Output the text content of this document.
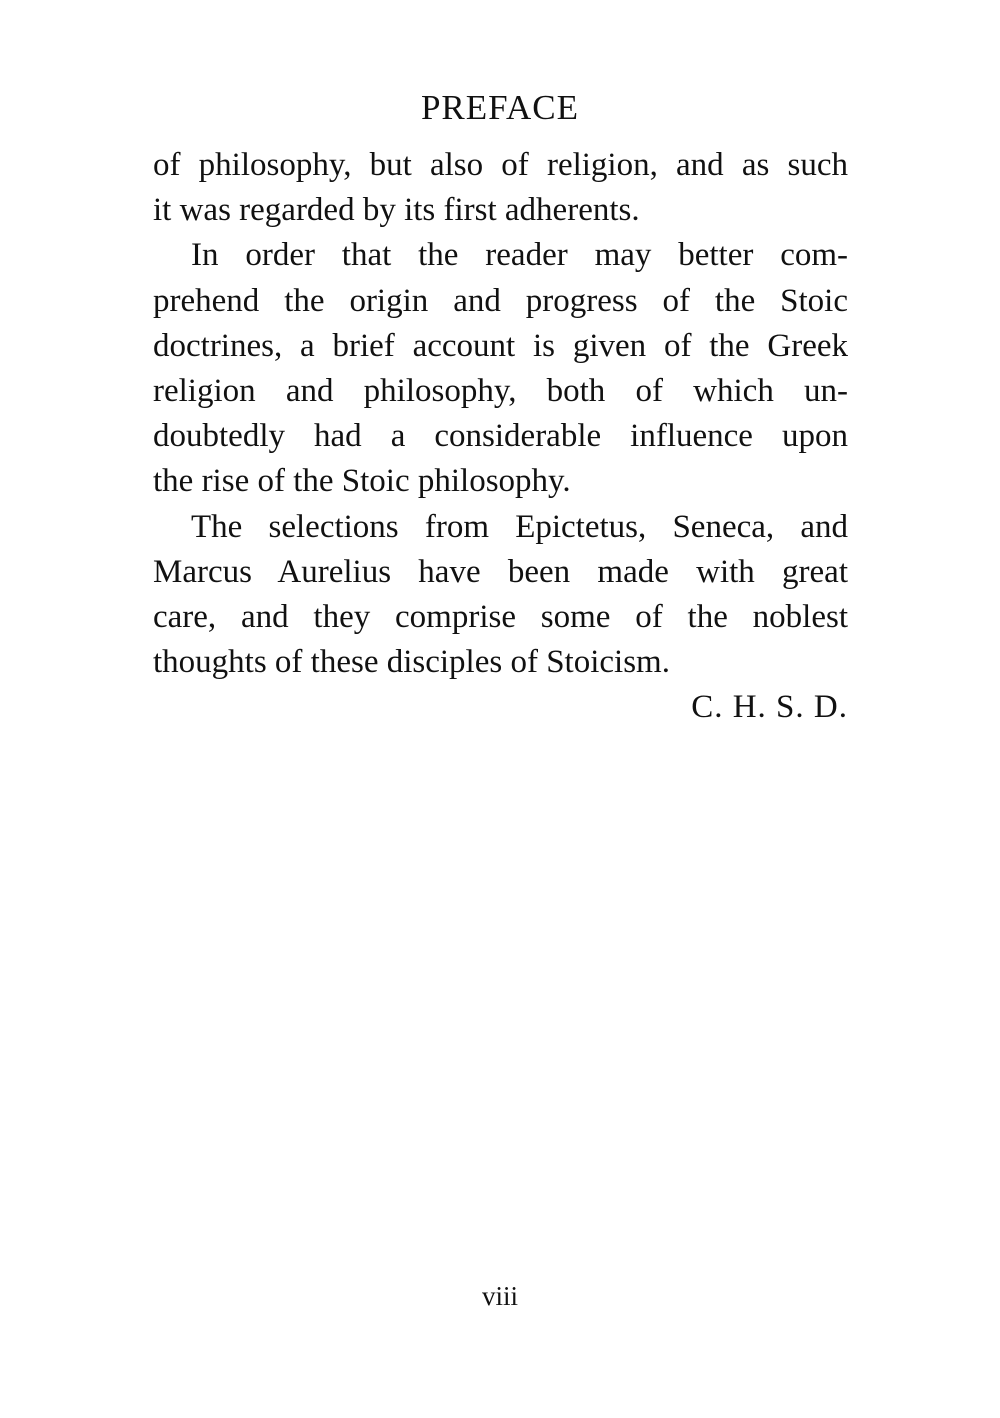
PREFACE
of philosophy, but also of religion, and as such
it was regarded by its first adherents.
In order that the reader may better com-
prehend the origin and progress of the Stoic
doctrines, a brief account is given of the Greek
religion and philosophy, both of which un-
doubtedly had a considerable influence upon
the rise of the Stoic philosophy.
The selections from Epictetus, Seneca, and
Marcus Aurelius have been made with great
care, and they comprise some of the noblest
thoughts of these disciples of Stoicism.
C. H. S. D.
viii
